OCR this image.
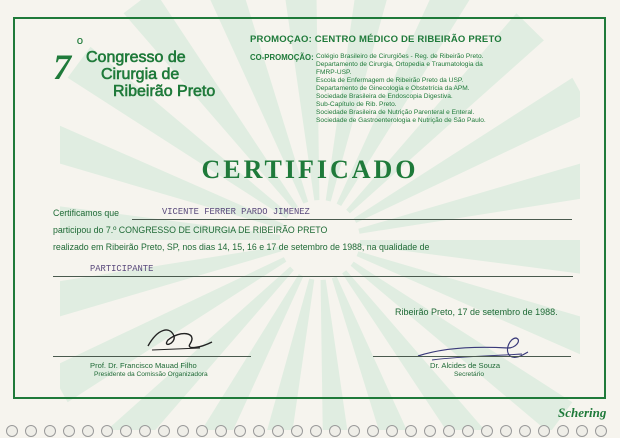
7
º
Congresso de
Cirurgia de
Ribeirão Preto
PROMOÇAO: CENTRO MÉDICO DE RIBEIRÃO PRETO
CO-PROMOÇÃO: Colégio Brasileiro de Cirurgiões - Reg. de Ribeirão Preto.
Departamento de Cirurgia, Ortopedia e Traumatologia da
FMRP-USP.
Escola de Enfermagem de Ribeirão Preto da USP.
Departamento de Ginecologia e Obstetrícia da APM.
Sociedade Brasileira de Endoscopia Digestiva.
Sub-Capítulo de Rib. Preto.
Sociedade Brasileira de Nutrição Parenteral e Enteral.
Sociedade de Gastroenterologia e Nutrição de São Paulo.
CERTIFICADO
Certificamos que	VICENTE FERRER PARDO JIMENEZ
participou do 7.º CONGRESSO DE CIRURGIA DE RIBEIRÃO PRETO
realizado em Ribeirão Preto, SP, nos dias 14, 15, 16 e 17 de setembro de 1988, na qualidade de
PARTICIPANTE
Ribeirão Preto, 17 de setembro de 1988.
Prof. Dr. Francisco Mauad Filho
Presidente da Comissão Organizadora
Dr. Alcides de Souza
Secretário
Schering
